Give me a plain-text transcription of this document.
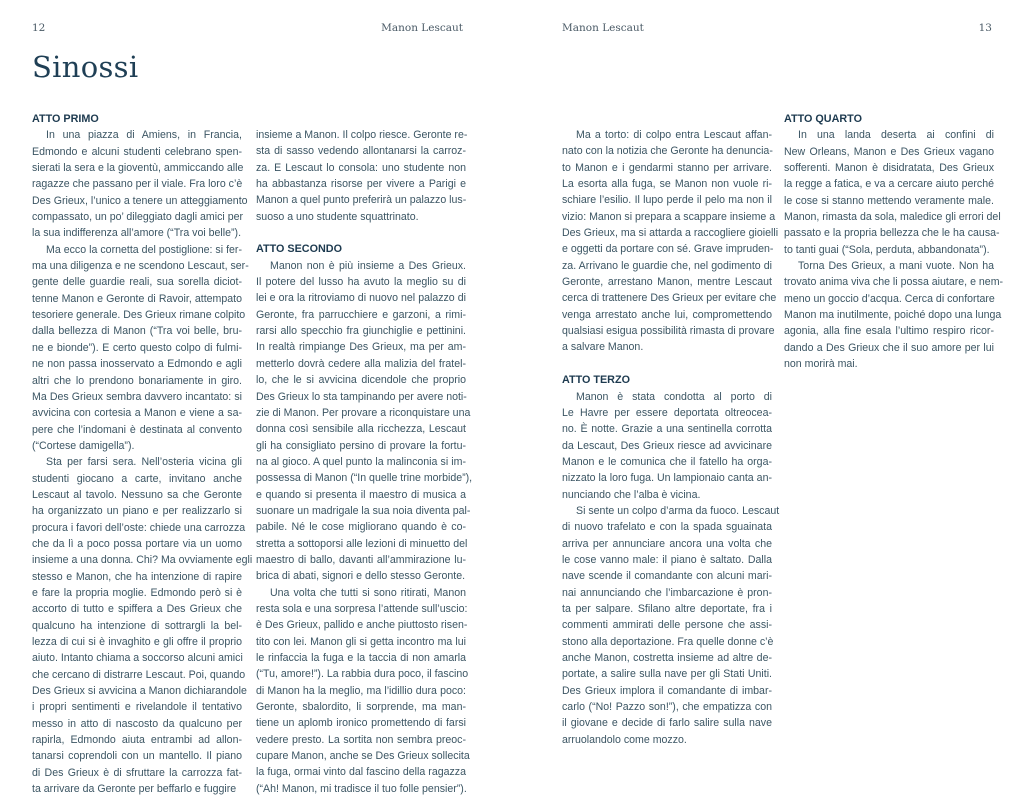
12	Manon Lescaut
Sinossi
ATTO PRIMO
In una piazza di Amiens, in Francia,
Edmondo e alcuni studenti celebrano spen-
sierati la sera e la gioventù, ammiccando alle
ragazze che passano per il viale. Fra loro c’è
Des Grieux, l’unico a tenere un atteggiamento
compassato, un po’ dileggiato dagli amici per
la sua indifferenza all’amore (“Tra voi belle”).
Ma ecco la cornetta del postiglione: si fer-
ma una diligenza e ne scendono Lescaut, ser-
gente delle guardie reali, sua sorella diciot-
tenne Manon e Geronte di Ravoir, attempato
tesoriere generale. Des Grieux rimane colpito
dalla bellezza di Manon (“Tra voi belle, bru-
ne e bionde”). E certo questo colpo di fulmi-
ne non passa inosservato a Edmondo e agli
altri che lo prendono bonariamente in giro.
Ma Des Grieux sembra davvero incantato: si
avvicina con cortesia a Manon e viene a sa-
pere che l’indomani è destinata al convento
(“Cortese damigella”).
Sta per farsi sera. Nell’osteria vicina gli
studenti giocano a carte, invitano anche
Lescaut al tavolo. Nessuno sa che Geronte
ha organizzato un piano e per realizzarlo si
procura i favori dell’oste: chiede una carrozza
che da lì a poco possa portare via un uomo
insieme a una donna. Chi? Ma ovviamente egli
stesso e Manon, che ha intenzione di rapire
e fare la propria moglie. Edmondo però si è
accorto di tutto e spiffera a Des Grieux che
qualcuno ha intenzione di sottrargli la bel-
lezza di cui si è invaghito e gli offre il proprio
aiuto. Intanto chiama a soccorso alcuni amici
che cercano di distrarre Lescaut. Poi, quando
Des Grieux si avvicina a Manon dichiarandole
i propri sentimenti e rivelandole il tentativo
messo in atto di nascosto da qualcuno per
rapirla, Edmondo aiuta entrambi ad allon-
tanarsi coprendoli con un mantello. Il piano
di Des Grieux è di sfruttare la carrozza fat-
ta arrivare da Geronte per beffarlo e fuggire
insieme a Manon. Il colpo riesce. Geronte re-
sta di sasso vedendo allontanarsi la carroz-
za. E Lescaut lo consola: uno studente non
ha abbastanza risorse per vivere a Parigi e
Manon a quel punto preferirà un palazzo lus-
suoso a uno studente squattrinato.
ATTO SECONDO
Manon non è più insieme a Des Grieux.
Il potere del lusso ha avuto la meglio su di
lei e ora la ritroviamo di nuovo nel palazzo di
Geronte, fra parrucchiere e garzoni, a rimi-
rarsi allo specchio fra giunchiglie e pettinini.
In realtà rimpiange Des Grieux, ma per am-
metterlo dovrà cedere alla malizia del fratel-
lo, che le si avvicina dicendole che proprio
Des Grieux lo sta tampinando per avere noti-
zie di Manon. Per provare a riconquistare una
donna così sensibile alla ricchezza, Lescaut
gli ha consigliato persino di provare la fortu-
na al gioco. A quel punto la malinconia si im-
possessa di Manon (“In quelle trine morbide”),
e quando si presenta il maestro di musica a
suonare un madrigale la sua noia diventa pal-
pabile. Né le cose migliorano quando è co-
stretta a sottoporsi alle lezioni di minuetto del
maestro di ballo, davanti all’ammirazione lu-
brica di abati, signori e dello stesso Geronte.
Una volta che tutti si sono ritirati, Manon
resta sola e una sorpresa l’attende sull’uscio:
è Des Grieux, pallido e anche piuttosto risen-
tito con lei. Manon gli si getta incontro ma lui
le rinfaccia la fuga e la taccia di non amarla
(“Tu, amore!”). La rabbia dura poco, il fascino
di Manon ha la meglio, ma l’idillio dura poco:
Geronte, sbalordito, li sorprende, ma man-
tiene un aplomb ironico promettendo di farsi
vedere presto. La sortita non sembra preoc-
cupare Manon, anche se Des Grieux sollecita
la fuga, ormai vinto dal fascino della ragazza
(“Ah! Manon, mi tradisce il tuo folle pensier”).
Manon Lescaut	13
Ma a torto: di colpo entra Lescaut affan-
nato con la notizia che Geronte ha denuncia-
to Manon e i gendarmi stanno per arrivare.
La esorta alla fuga, se Manon non vuole ri-
schiare l’esilio. Il lupo perde il pelo ma non il
vizio: Manon si prepara a scappare insieme a
Des Grieux, ma si attarda a raccogliere gioielli
e oggetti da portare con sé. Grave impruden-
za. Arrivano le guardie che, nel godimento di
Geronte, arrestano Manon, mentre Lescaut
cerca di trattenere Des Grieux per evitare che
venga arrestato anche lui, compromettendo
qualsiasi esigua possibilità rimasta di provare
a salvare Manon.
ATTO TERZO
Manon è stata condotta al porto di
Le Havre per essere deportata oltreocea-
no. È notte. Grazie a una sentinella corrotta
da Lescaut, Des Grieux riesce ad avvicinare
Manon e le comunica che il fatello ha orga-
nizzato la loro fuga. Un lampionaio canta an-
nunciando che l’alba è vicina.
Si sente un colpo d’arma da fuoco. Lescaut
di nuovo trafelato e con la spada sguainata
arriva per annunciare ancora una volta che
le cose vanno male: il piano è saltato. Dalla
nave scende il comandante con alcuni mari-
nai annunciando che l’imbarcazione è pron-
ta per salpare. Sfilano altre deportate, fra i
commenti ammirati delle persone che assi-
stono alla deportazione. Fra quelle donne c’è
anche Manon, costretta insieme ad altre de-
portate, a salire sulla nave per gli Stati Uniti.
Des Grieux implora il comandante di imbar-
carlo (“No! Pazzo son!”), che empatizza con
il giovane e decide di farlo salire sulla nave
arruolandolo come mozzo.
ATTO QUARTO
In una landa deserta ai confini di
New Orleans, Manon e Des Grieux vagano
sofferenti. Manon è disidratata, Des Grieux
la regge a fatica, e va a cercare aiuto perché
le cose si stanno mettendo veramente male.
Manon, rimasta da sola, maledice gli errori del
passato e la propria bellezza che le ha causa-
to tanti guai (“Sola, perduta, abbandonata”).
Torna Des Grieux, a mani vuote. Non ha
trovato anima viva che li possa aiutare, e nem-
meno un goccio d’acqua. Cerca di confortare
Manon ma inutilmente, poiché dopo una lunga
agonia, alla fine esala l’ultimo respiro ricor-
dando a Des Grieux che il suo amore per lui
non morirà mai.
